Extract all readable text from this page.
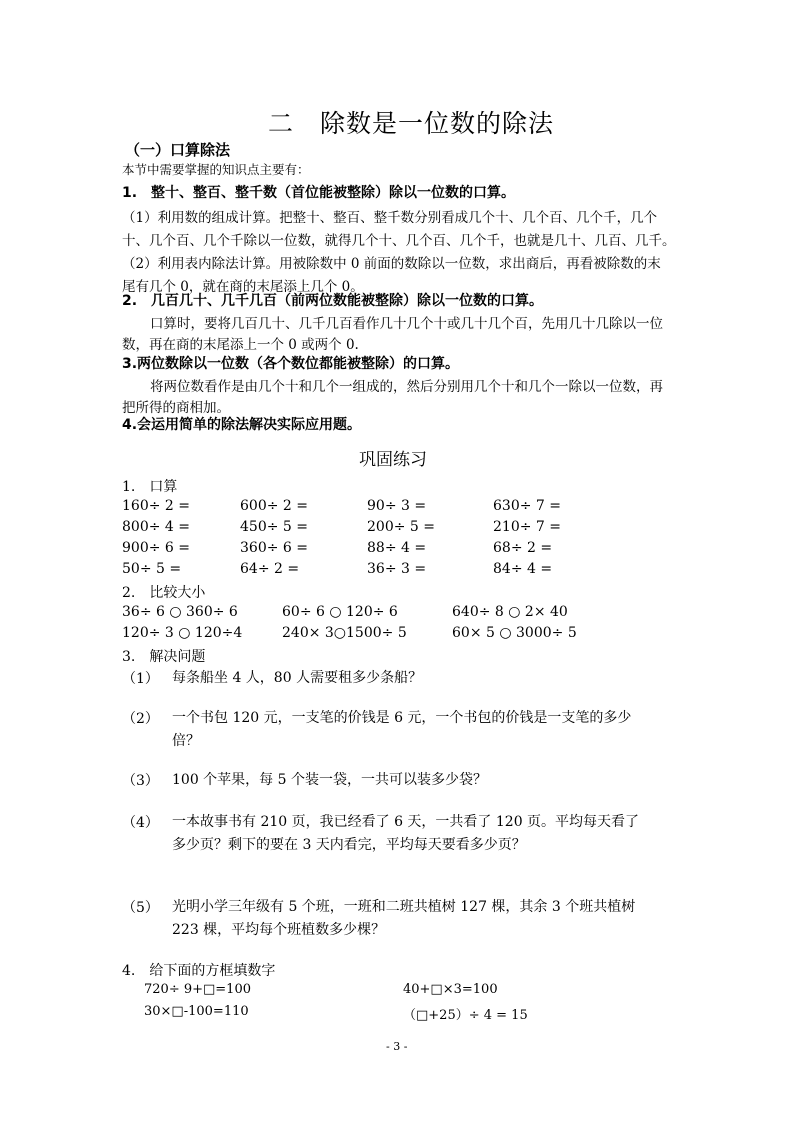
二　除数是一位数的除法
（一）口算除法
本节中需要掌握的知识点主要有：
1.　整十、整百、整千数（首位能被整除）除以一位数的口算。
（1）利用数的组成计算。把整十、整百、整千数分别看成几个十、几个百、几个千，几个
十、几个百、几个千除以一位数，就得几个十、几个百、几个千，也就是几十、几百、几千。
（2）利用表内除法计算。用被除数中 0 前面的数除以一位数，求出商后，再看被除数的末
尾有几个 0，就在商的末尾添上几个 0。
2.　几百几十、几千几百（前两位数能被整除）除以一位数的口算。
口算时，要将几百几十、几千几百看作几十几个十或几十几个百，先用几十几除以一位
数，再在商的末尾添上一个 0 或两个 0.
3.两位数除以一位数（各个数位都能被整除）的口算。
将两位数看作是由几个十和几个一组成的，然后分别用几个十和几个一除以一位数，再
把所得的商相加。
4.会运用简单的除法解决实际应用题。
巩固练习
1.　口算
160÷ 2 =	600÷ 2 =	90÷ 3 =	630÷ 7 =
800÷ 4 =	450÷ 5 =	200÷ 5 =	210÷ 7 =
900÷ 6 =	360÷ 6 =	88÷ 4 =	68÷ 2 =
50÷ 5 =	64÷ 2 =	36÷ 3 =	84÷ 4 =
2.　比较大小
36÷ 6 ○ 360÷ 6	60÷ 6 ○ 120÷ 6	640÷ 8 ○ 2× 40
120÷ 3 ○ 120÷4	240× 3○1500÷ 5	60× 5 ○ 3000÷ 5
3.　解决问题
（1） 每条船坐 4 人，80 人需要租多少条船？
（2） 一个书包 120 元，一支笔的价钱是 6 元，一个书包的价钱是一支笔的多少
倍？
（3） 100 个苹果，每 5 个装一袋，一共可以装多少袋？
（4） 一本故事书有 210 页，我已经看了 6 天，一共看了 120 页。平均每天看了
多少页？剩下的要在 3 天内看完，平均每天要看多少页？
（5） 光明小学三年级有 5 个班，一班和二班共植树 127 棵，其余 3 个班共植树
223 棵，平均每个班植数多少棵？
4.　给下面的方框填数字
720÷ 9+□=100	40+□×3=100
30×□-100=110	（□+25）÷ 4 = 15
- 3 -
